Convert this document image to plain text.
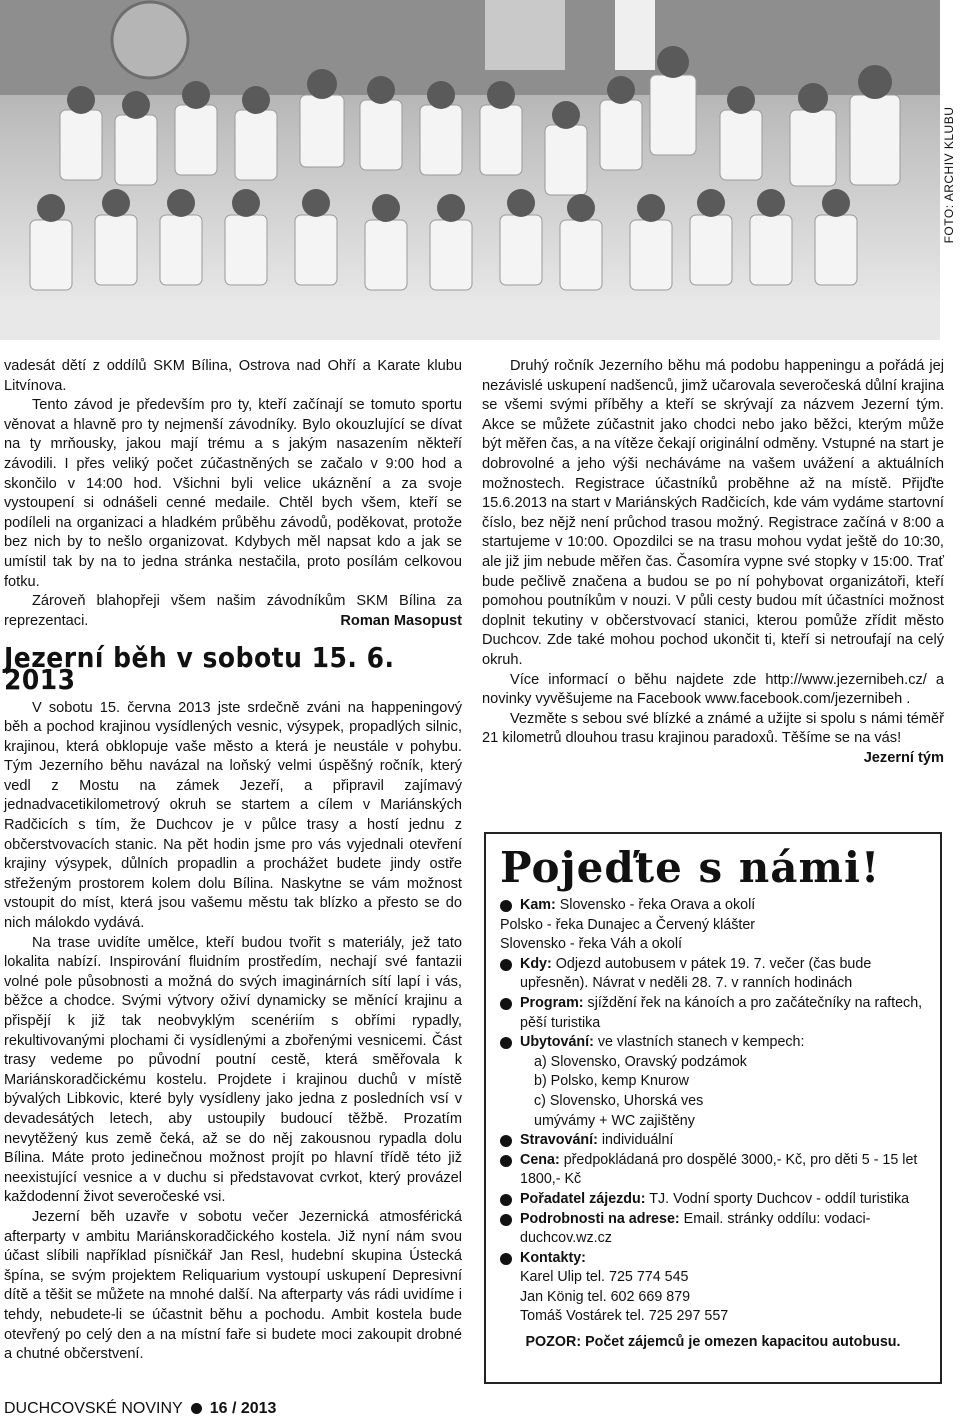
FOTO: ARCHIV KLUBU

vadesát dětí z oddílů SKM Bílina, Ostrova nad Ohří a Karate klubu Litvínova.

Tento závod je především pro ty, kteří začínají se tomuto sportu věnovat a hlavně pro ty nejmenší závodníky. Bylo okouzlující se dívat na ty mrňousky, jakou mají trému a s jakým nasazením někteří závodili. I přes veliký počet zúčastněných se začalo v 9:00 hod a skončilo v 14:00 hod. Všichni byli velice ukáznění a za svoje vystoupení si odnášeli cenné medaile. Chtěl bych všem, kteří se podíleli na organizaci a hladkém průběhu závodů, poděkovat, protože bez nich by to nešlo organizovat. Kdybych měl napsat kdo a jak se umístil tak by na to jedna stránka nestačila, proto posílám celkovou fotku.

Zároveň blahopřeji všem našim závodníkům SKM Bílina za reprezentaci.	Roman Masopust

Jezerní běh v sobotu 15. 6. 2013

V sobotu 15. června 2013 jste srdečně zváni na happeningový běh a pochod krajinou vysídlených vesnic, výsypek, propadlých silnic, krajinou, která obklopuje vaše město a která je neustále v pohybu. Tým Jezerního běhu navázal na loňský velmi úspěšný ročník, který vedl z Mostu na zámek Jezeří, a připravil zajímavý jednadvacetikilometrový okruh se startem a cílem v Mariánských Radčicích s tím, že Duchcov je v půlce trasy a hostí jednu z občerstvovacích stanic. Na pět hodin jsme pro vás vyjednali otevření krajiny výsypek, důlních propadlin a prochážet budete jindy ostře střeženým prostorem kolem dolu Bílina. Naskytne se vám možnost vstoupit do míst, která jsou vašemu městu tak blízko a přesto se do nich málokdo vydává.

Na trase uvidíte umělce, kteří budou tvořit s materiály, jež tato lokalita nabízí. Inspirování fluidním prostředím, nechají své fantazii volné pole působnosti a možná do svých imaginárních sítí lapí i vás, běžce a chodce. Svými výtvory oživí dynamicky se měnící krajinu a přispějí k již tak neobvyklým scenériím s obřími rypadly, rekultivovanými plochami či vysídlenými a zbořenými vesnicemi. Část trasy vedeme po původní poutní cestě, která směřovala k Mariánskoradčickému kostelu. Projdete i krajinou duchů v místě bývalých Libkovic, které byly vysídleny jako jedna z posledních vsí v devadesátých letech, aby ustoupily budoucí těžbě. Prozatím nevytěžený kus země čeká, až se do něj zakousnou rypadla dolu Bílina. Máte proto jedinečnou možnost projít po hlavní třídě této již neexistující vesnice a v duchu si představovat cvrkot, který provázel každodenní život severočeské vsi.

Jezerní běh uzavře v sobotu večer Jezernická atmosférická afterparty v ambitu Mariánskoradčického kostela. Již nyní nám svou účast slíbili například písničkář Jan Resl, hudební skupina Ústecká špína, se svým projektem Reliquarium vystoupí uskupení Depresivní dítě a těšit se můžete na mnohé další. Na afterparty vás rádi uvidíme i tehdy, nebudete-li se účastnit běhu a pochodu. Ambit kostela bude otevřený po celý den a na místní faře si budete moci zakoupit drobné a chutné občerstvení.

Druhý ročník Jezerního běhu má podobu happeningu a pořádá jej nezávislé uskupení nadšenců, jimž učarovala severočeská důlní krajina se všemi svými příběhy a kteří se skrývají za názvem Jezerní tým. Akce se můžete zúčastnit jako chodci nebo jako běžci, kterým může být měřen čas, a na vítěze čekají originální odměny. Vstupné na start je dobrovolné a jeho výši necháváme na vašem uvážení a aktuálních možnostech. Registrace účastníků proběhne až na místě. Přijďte 15.6.2013 na start v Mariánských Radčicích, kde vám vydáme startovní číslo, bez nějž není průchod trasou možný. Registrace začíná v 8:00 a startujeme v 10:00. Opozdilci se na trasu mohou vydat ještě do 10:30, ale již jim nebude měřen čas. Časomíra vypne své stopky v 15:00. Trať bude pečlivě značena a budou se po ní pohybovat organizátoři, kteří pomohou poutníkům v nouzi. V půli cesty budou mít účastníci možnost doplnit tekutiny v občerstvovací stanici, kterou pomůže zřídit město Duchcov. Zde také mohou pochod ukončit ti, kteří si netroufají na celý okruh.

Více informací o běhu najdete zde http://www.jezernibeh.cz/ a novinky vyvěšujeme na Facebook www.facebook.com/jezernibeh .

Vezměte s sebou své blízké a známé a užijte si spolu s námi téměř 21 kilometrů dlouhou trasu krajinou paradoxů. Těšíme se na vás!
Jezerní tým

Pojeďte s námi!
Kam: Slovensko - řeka Orava a okolí
Polsko - řeka Dunajec a Červený klášter
Slovensko - řeka Váh a okolí
Kdy: Odjezd autobusem v pátek 19. 7. večer (čas bude upřesněn). Návrat v neděli 28. 7. v ranních hodinách
Program: sjíždění řek na kánoích a pro začátečníky na raftech, pěší turistika
Ubytování: ve vlastních stanech v kempech:
a) Slovensko, Oravský podzámok
b) Polsko, kemp Knurow
c) Slovensko, Uhorská ves
umývámy + WC zajištěny
Stravování: individuální
Cena: předpokládaná pro dospělé 3000,- Kč, pro děti 5 - 15 let 1800,- Kč
Pořadatel zájezdu: TJ. Vodní sporty Duchcov - oddíl turistika
Podrobnosti na adrese: Email. stránky oddílu: vodaci-duchcov.wz.cz
Kontakty:
Karel Ulip tel. 725 774 545
Jan König tel. 602 669 879
Tomáš Vostárek tel. 725 297 557
POZOR: Počet zájemců je omezen kapacitou autobusu.
DUCHCOVSKÉ NOVINY 16 / 2013
